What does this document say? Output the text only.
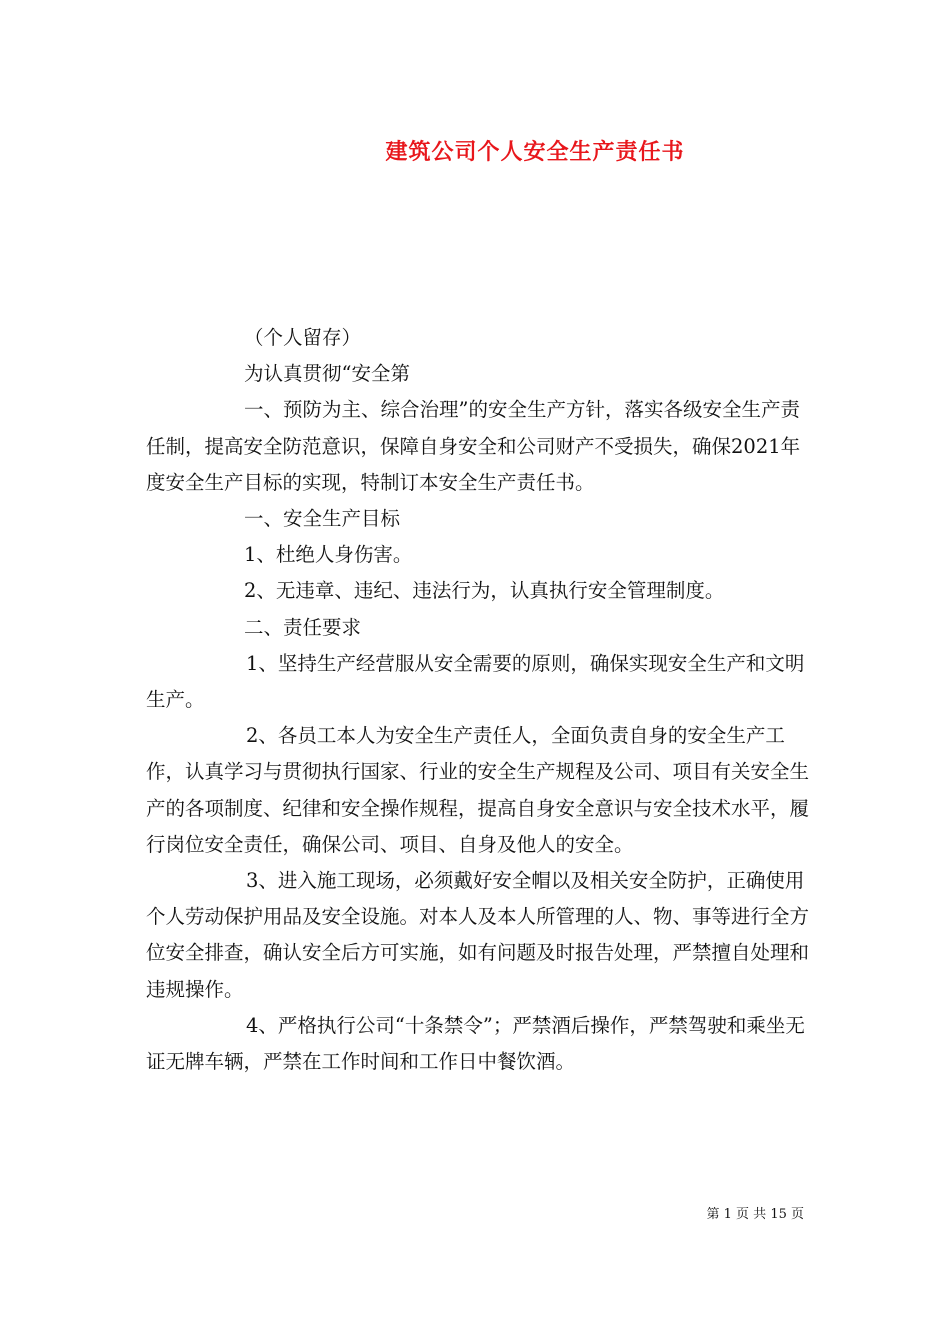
建筑公司个人安全生产责任书

（个人留存）

为认真贯彻“安全第

一、预防为主、综合治理”的安全生产方针，落实各级安全生产责任制，提高安全防范意识，保障自身安全和公司财产不受损失，确保2021年度安全生产目标的实现，特制订本安全生产责任书。

一、安全生产目标

1、杜绝人身伤害。

2、无违章、违纪、违法行为，认真执行安全管理制度。

二、责任要求

1、坚持生产经营服从安全需要的原则，确保实现安全生产和文明生产。

2、各员工本人为安全生产责任人，全面负责自身的安全生产工作，认真学习与贯彻执行国家、行业的安全生产规程及公司、项目有关安全生产的各项制度、纪律和安全操作规程，提高自身安全意识与安全技术水平，履行岗位安全责任，确保公司、项目、自身及他人的安全。

3、进入施工现场，必须戴好安全帽以及相关安全防护，正确使用个人劳动保护用品及安全设施。对本人及本人所管理的人、物、事等进行全方位安全排查，确认安全后方可实施，如有问题及时报告处理，严禁擅自处理和违规操作。

4、严格执行公司“十条禁令”；严禁酒后操作，严禁驾驶和乘坐无证无牌车辆，严禁在工作时间和工作日中餐饮酒。

第 1 页 共 15 页
